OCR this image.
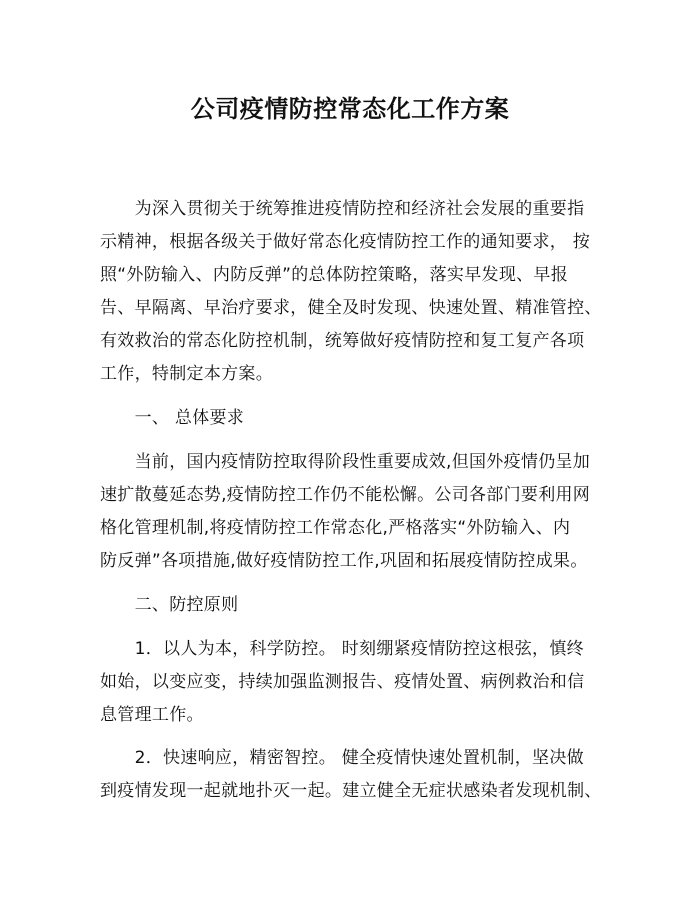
公司疫情防控常态化工作方案
　　为深入贯彻关于统筹推进疫情防控和经济社会发展的重要指
示精神，根据各级关于做好常态化疫情防控工作的通知要求， 按
照“外防输入、内防反弹”的总体防控策略，落实早发现、早报
告、早隔离、早治疗要求，健全及时发现、快速处置、精准管控、
有效救治的常态化防控机制，统筹做好疫情防控和复工复产各项
工作，特制定本方案。
　　一、 总体要求
　　当前，国内疫情防控取得阶段性重要成效,但国外疫情仍呈加
速扩散蔓延态势,疫情防控工作仍不能松懈。公司各部门要利用网
格化管理机制,将疫情防控工作常态化,严格落实“外防输入、内
防反弹”各项措施,做好疫情防控工作,巩固和拓展疫情防控成果。
　　二、防控原则
　　1．以人为本，科学防控。 时刻绷紧疫情防控这根弦，慎终
如始，以变应变，持续加强监测报告、疫情处置、病例救治和信
息管理工作。
　　2．快速响应，精密智控。 健全疫情快速处置机制，坚决做
到疫情发现一起就地扑灭一起。建立健全无症状感染者发现机制、
